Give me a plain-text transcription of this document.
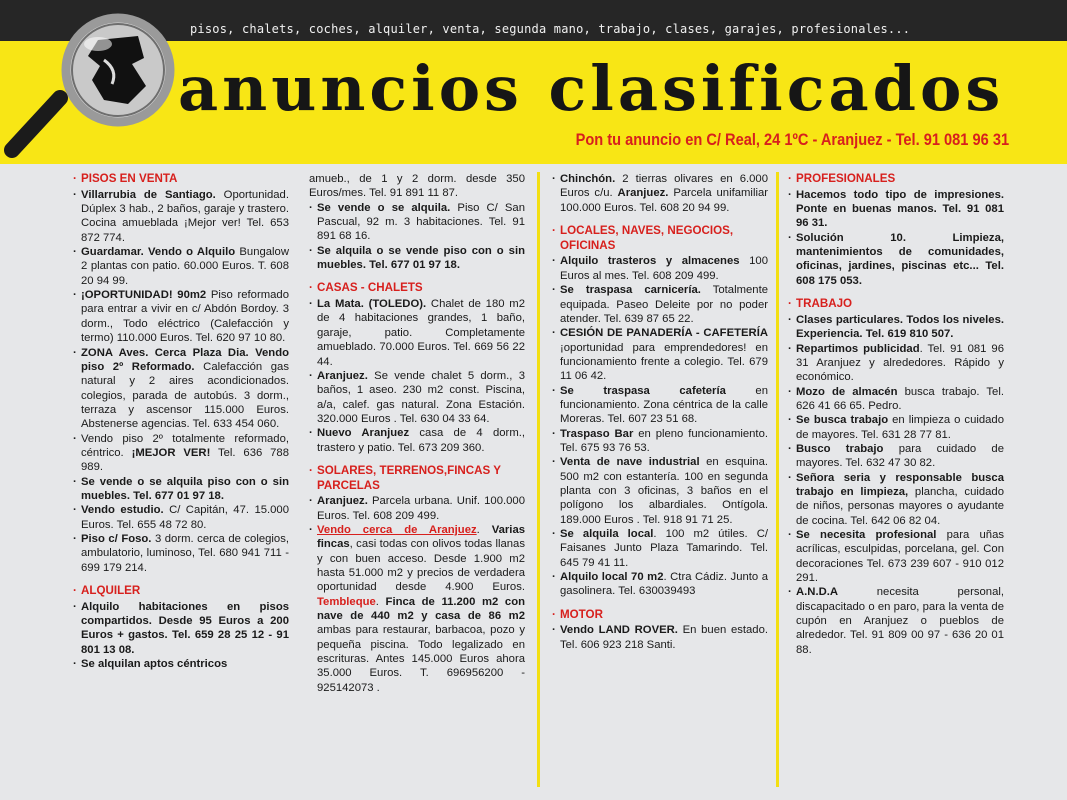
pisos, chalets, coches, alquiler, venta, segunda mano, trabajo, clases, garajes, profesionales...
anuncios clasificados
Pon tu anuncio en C/ Real, 24 1ºC - Aranjuez - Tel. 91 081 96 31
· PISOS EN VENTA
· Villarrubia de Santiago. Oportunidad. Dúplex 3 hab., 2 baños, garaje y trastero. Cocina amueblada ¡Mejor ver! Tel. 653 872 774.
· Guardamar. Vendo o Alquilo Bungalow 2 plantas con patio. 60.000 Euros. T. 608 20 94 99.
· ¡OPORTUNIDAD! 90m2 Piso reformado para entrar a vivir en c/ Abdón Bordoy. 3 dorm., Todo eléctrico (Calefacción y termo) 110.000 Euros. Tel. 620 97 10 80.
· ZONA Aves. Cerca Plaza Dia. Vendo piso 2º Reformado. Calefacción gas natural y 2 aires acondicionados. colegios, parada de autobús. 3 dorm., terraza y ascensor 115.000 Euros. Abstenerse agencias. Tel. 633 454 060.
· Vendo piso 2º totalmente reformado, céntrico. ¡MEJOR VER! Tel. 636 788 989.
· Se vende o se alquila piso con o sin muebles. Tel. 677 01 97 18.
· Vendo estudio. C/ Capitán, 47. 15.000 Euros. Tel. 655 48 72 80.
· Piso c/ Foso. 3 dorm. cerca de colegios, ambulatorio, luminoso, Tel. 680 941 711 - 699 179 214.
· ALQUILER
· Alquilo habitaciones en pisos compartidos. Desde 95 Euros a 200 Euros + gastos. Tel. 659 28 25 12 - 91 801 13 08.
· Se alquilan aptos céntricos
amueb., de 1 y 2 dorm. desde 350 Euros/mes. Tel. 91 891 11 87.
· Se vende o se alquila. Piso C/ San Pascual, 92 m. 3 habitaciones. Tel. 91 891 68 16.
· Se alquila o se vende piso con o sin muebles. Tel. 677 01 97 18.
· CASAS - CHALETS
· La Mata. (TOLEDO). Chalet de 180 m2 de 4 habitaciones grandes, 1 baño, garaje, patio. Completamente amueblado. 70.000 Euros. Tel. 669 56 22 44.
· Aranjuez. Se vende chalet 5 dorm., 3 baños, 1 aseo. 230 m2 const. Piscina, a/a, calef. gas natural. Zona Estación. 320.000 Euros . Tel. 630 04 33 64.
· Nuevo Aranjuez casa de 4 dorm., trastero y patio. Tel. 673 209 360.
· SOLARES, TERRENOS,FINCAS Y PARCELAS
· Aranjuez. Parcela urbana. Unif. 100.000 Euros. Tel. 608 209 499.
· Vendo cerca de Aranjuez. Varias fincas, casi todas con olivos todas llanas y con buen acceso. Desde 1.900 m2 hasta 51.000 m2 y precios de verdadera oportunidad desde 4.900 Euros. Tembleque. Finca de 11.200 m2 con nave de 440 m2 y casa de 86 m2 ambas para restaurar, barbacoa, pozo y pequeña piscina. Todo legalizado en escrituras. Antes 145.000 Euros ahora 35.000 Euros. T. 696956200 - 925142073 .
· Chinchón. 2 tierras olivares en 6.000 Euros c/u. Aranjuez. Parcela unifamiliar 100.000 Euros. Tel. 608 20 94 99.
· LOCALES, NAVES, NEGOCIOS, OFICINAS
· Alquilo trasteros y almacenes 100 Euros al mes. Tel. 608 209 499.
· Se traspasa carnicería. Totalmente equipada. Paseo Deleite por no poder atender. Tel. 639 87 65 22.
· CESIÓN DE PANADERÍA - CAFETERÍA ¡oportunidad para emprendedores! en funcionamiento frente a colegio. Tel. 679 11 06 42.
· Se traspasa cafetería en funcionamiento. Zona céntrica de la calle Moreras. Tel. 607 23 51 68.
· Traspaso Bar en pleno funcionamiento. Tel. 675 93 76 53.
· Venta de nave industrial en esquina. 500 m2 con estantería. 100 en segunda planta con 3 oficinas, 3 baños en el polígono los albardiales. Ontígola. 189.000 Euros . Tel. 918 91 71 25.
· Se alquila local. 100 m2 útiles. C/ Faisanes Junto Plaza Tamarindo. Tel. 645 79 41 11.
· Alquilo local 70 m2. Ctra Cádiz. Junto a gasolinera. Tel. 630039493
· MOTOR
· Vendo LAND ROVER. En buen estado. Tel. 606 923 218 Santi.
· PROFESIONALES
· Hacemos todo tipo de impresiones. Ponte en buenas manos. Tel. 91 081 96 31.
· Solución 10. Limpieza, mantenimientos de comunidades, oficinas, jardines, piscinas etc... Tel. 608 175 053.
· TRABAJO
· Clases particulares. Todos los niveles. Experiencia. Tel. 619 810 507.
· Repartimos publicidad. Tel. 91 081 96 31 Aranjuez y alrededores. Rápido y económico.
· Mozo de almacén busca trabajo. Tel. 626 41 66 65. Pedro.
· Se busca trabajo en limpieza o cuidado de mayores. Tel. 631 28 77 81.
· Busco trabajo para cuidado de mayores. Tel. 632 47 30 82.
· Señora seria y responsable busca trabajo en limpieza, plancha, cuidado de niños, personas mayores o ayudante de cocina. Tel. 642 06 82 04.
· Se necesita profesional para uñas acrílicas, esculpidas, porcelana, gel. Con decoraciones Tel. 673 239 607 - 910 012 291.
· A.N.D.A necesita personal, discapacitado o en paro, para la venta de cupón en Aranjuez o pueblos de alrededor. Tel. 91 809 00 97 - 636 20 01 88.
